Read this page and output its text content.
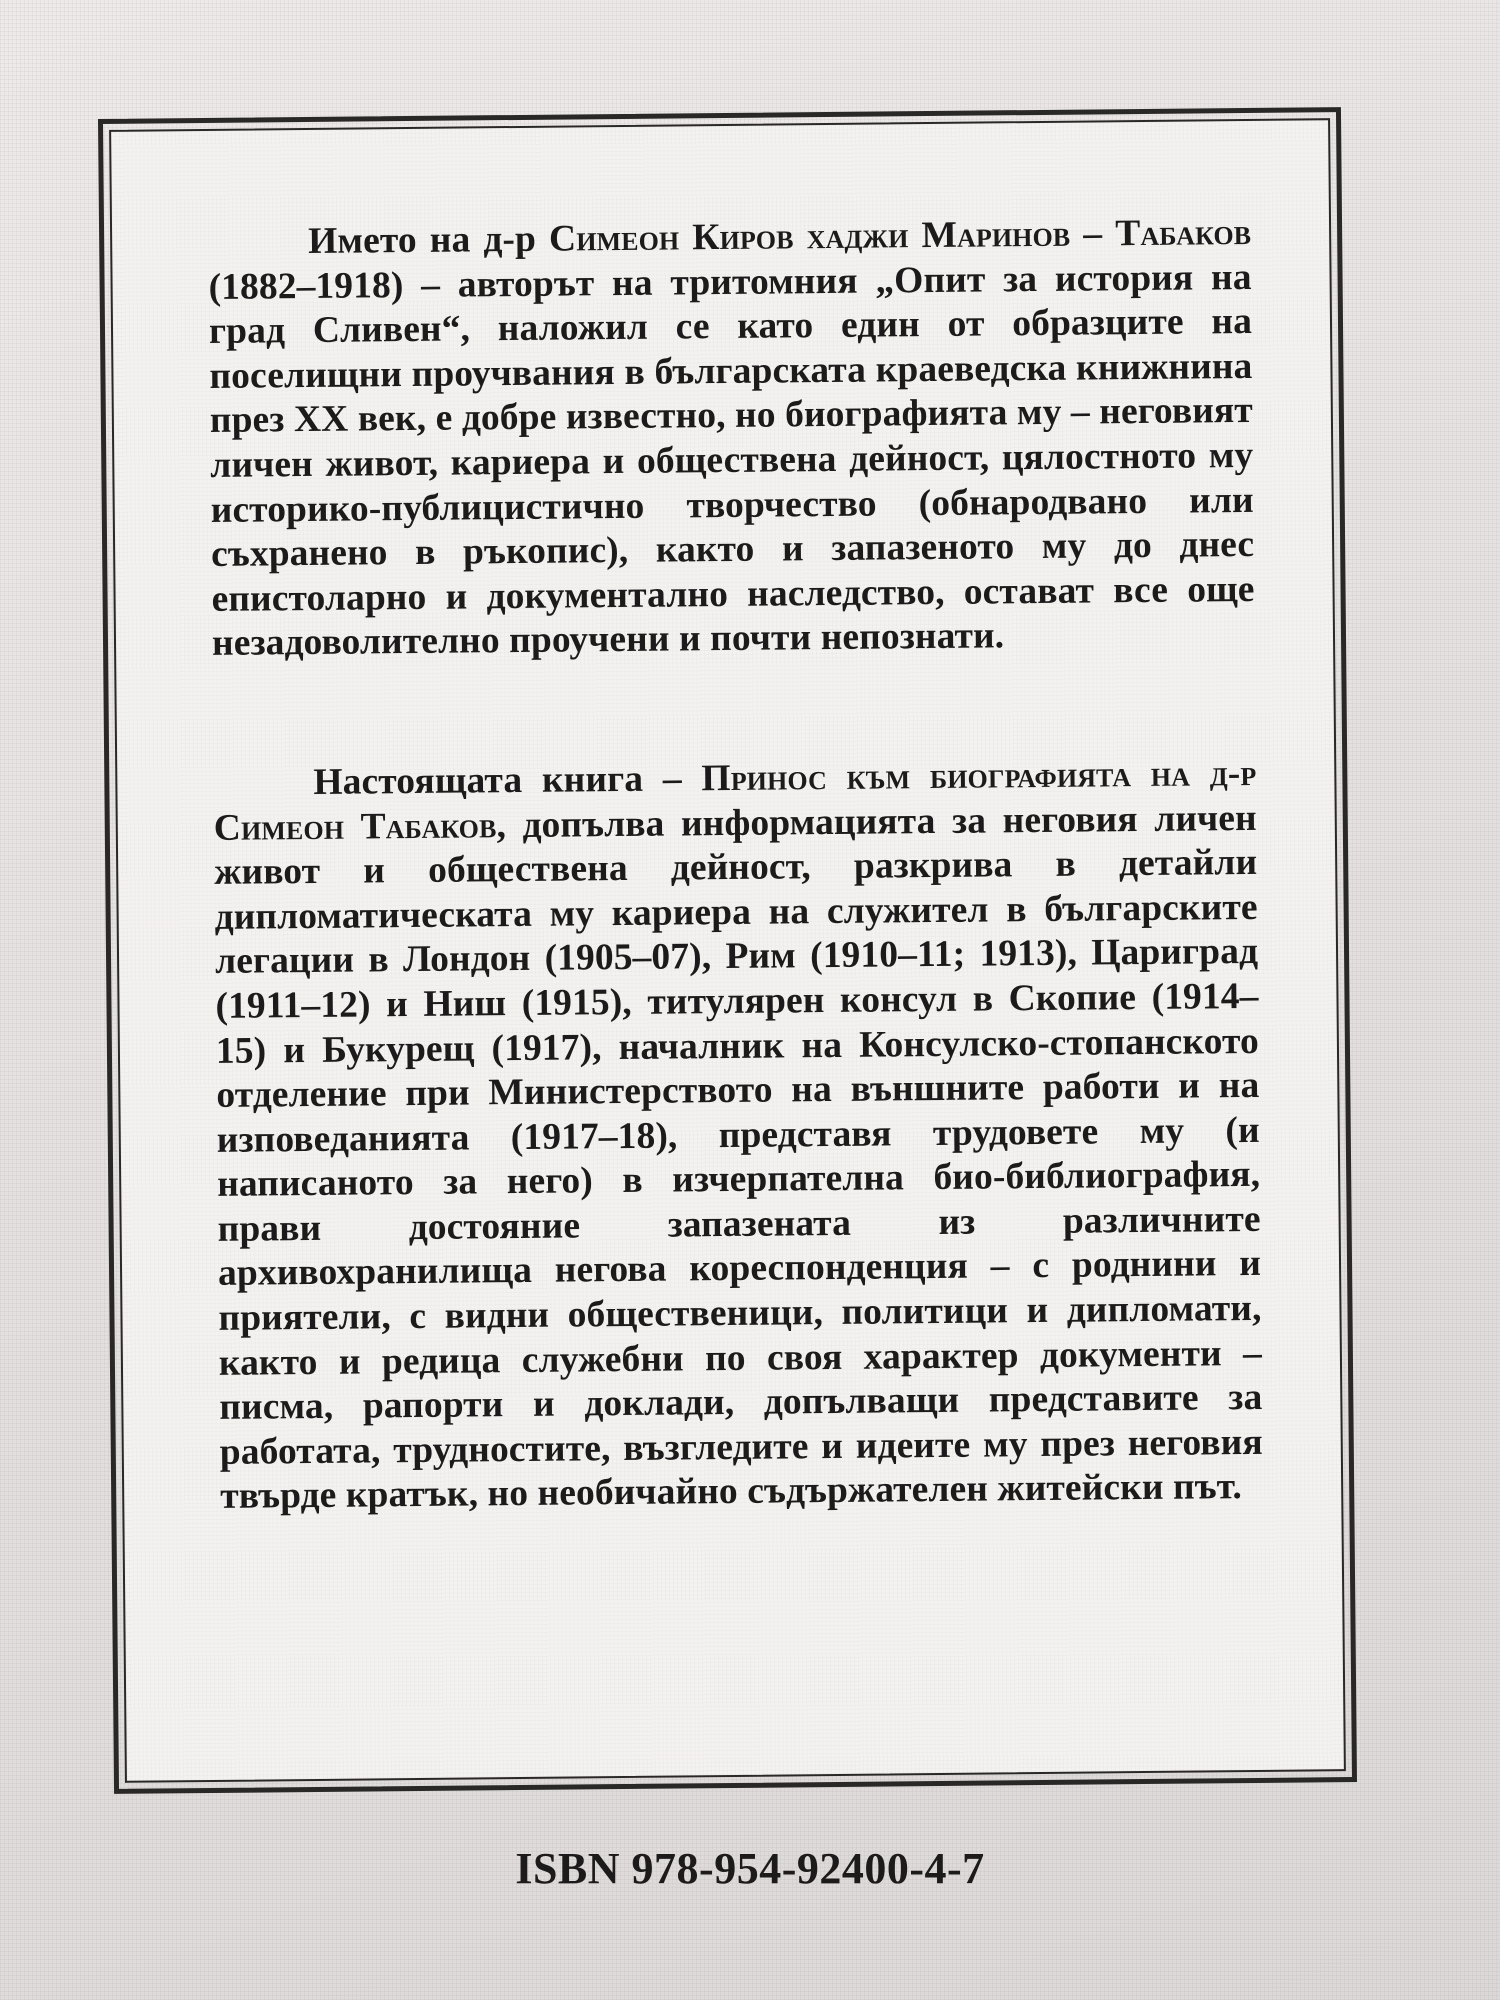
Името на д-р Симеон Киров хаджи Маринов – Табаков (1882–1918) – авторът на тритомния „Опит за история на град Сливен“, наложил се като един от образците на поселищни проучвания в българската краеведска книжнина през XX век, е добре известно, но биографията му – неговият личен живот, кариера и обществена дейност, цялостното му историко-публицистично творчество (обнародвано или съхранено в ръкопис), както и запазеното му до днес епистоларно и документално наследство, остават все още незадоволително проучени и почти непознати.

Настоящата книга – Принос към биографията на д-р Симеон Табаков, допълва информацията за неговия личен живот и обществена дейност, разкрива в детайли дипломатическата му кариера на служител в българските легации в Лондон (1905–07), Рим (1910–11; 1913), Цариград (1911–12) и Ниш (1915), титулярен консул в Скопие (1914–15) и Букурещ (1917), началник на Консулско-стопанското отделение при Министерството на външните работи и на изповеданията (1917–18), представя трудовете му (и написаното за него) в изчерпателна био-библиография, прави достояние запазената из различните архивохранилища негова кореспонденция – с роднини и приятели, с видни общественици, политици и дипломати, както и редица служебни по своя характер документи – писма, рапорти и доклади, допълващи представите за работата, трудностите, възгледите и идеите му през неговия твърде кратък, но необичайно съдържателен житейски път.

ISBN 978-954-92400-4-7
